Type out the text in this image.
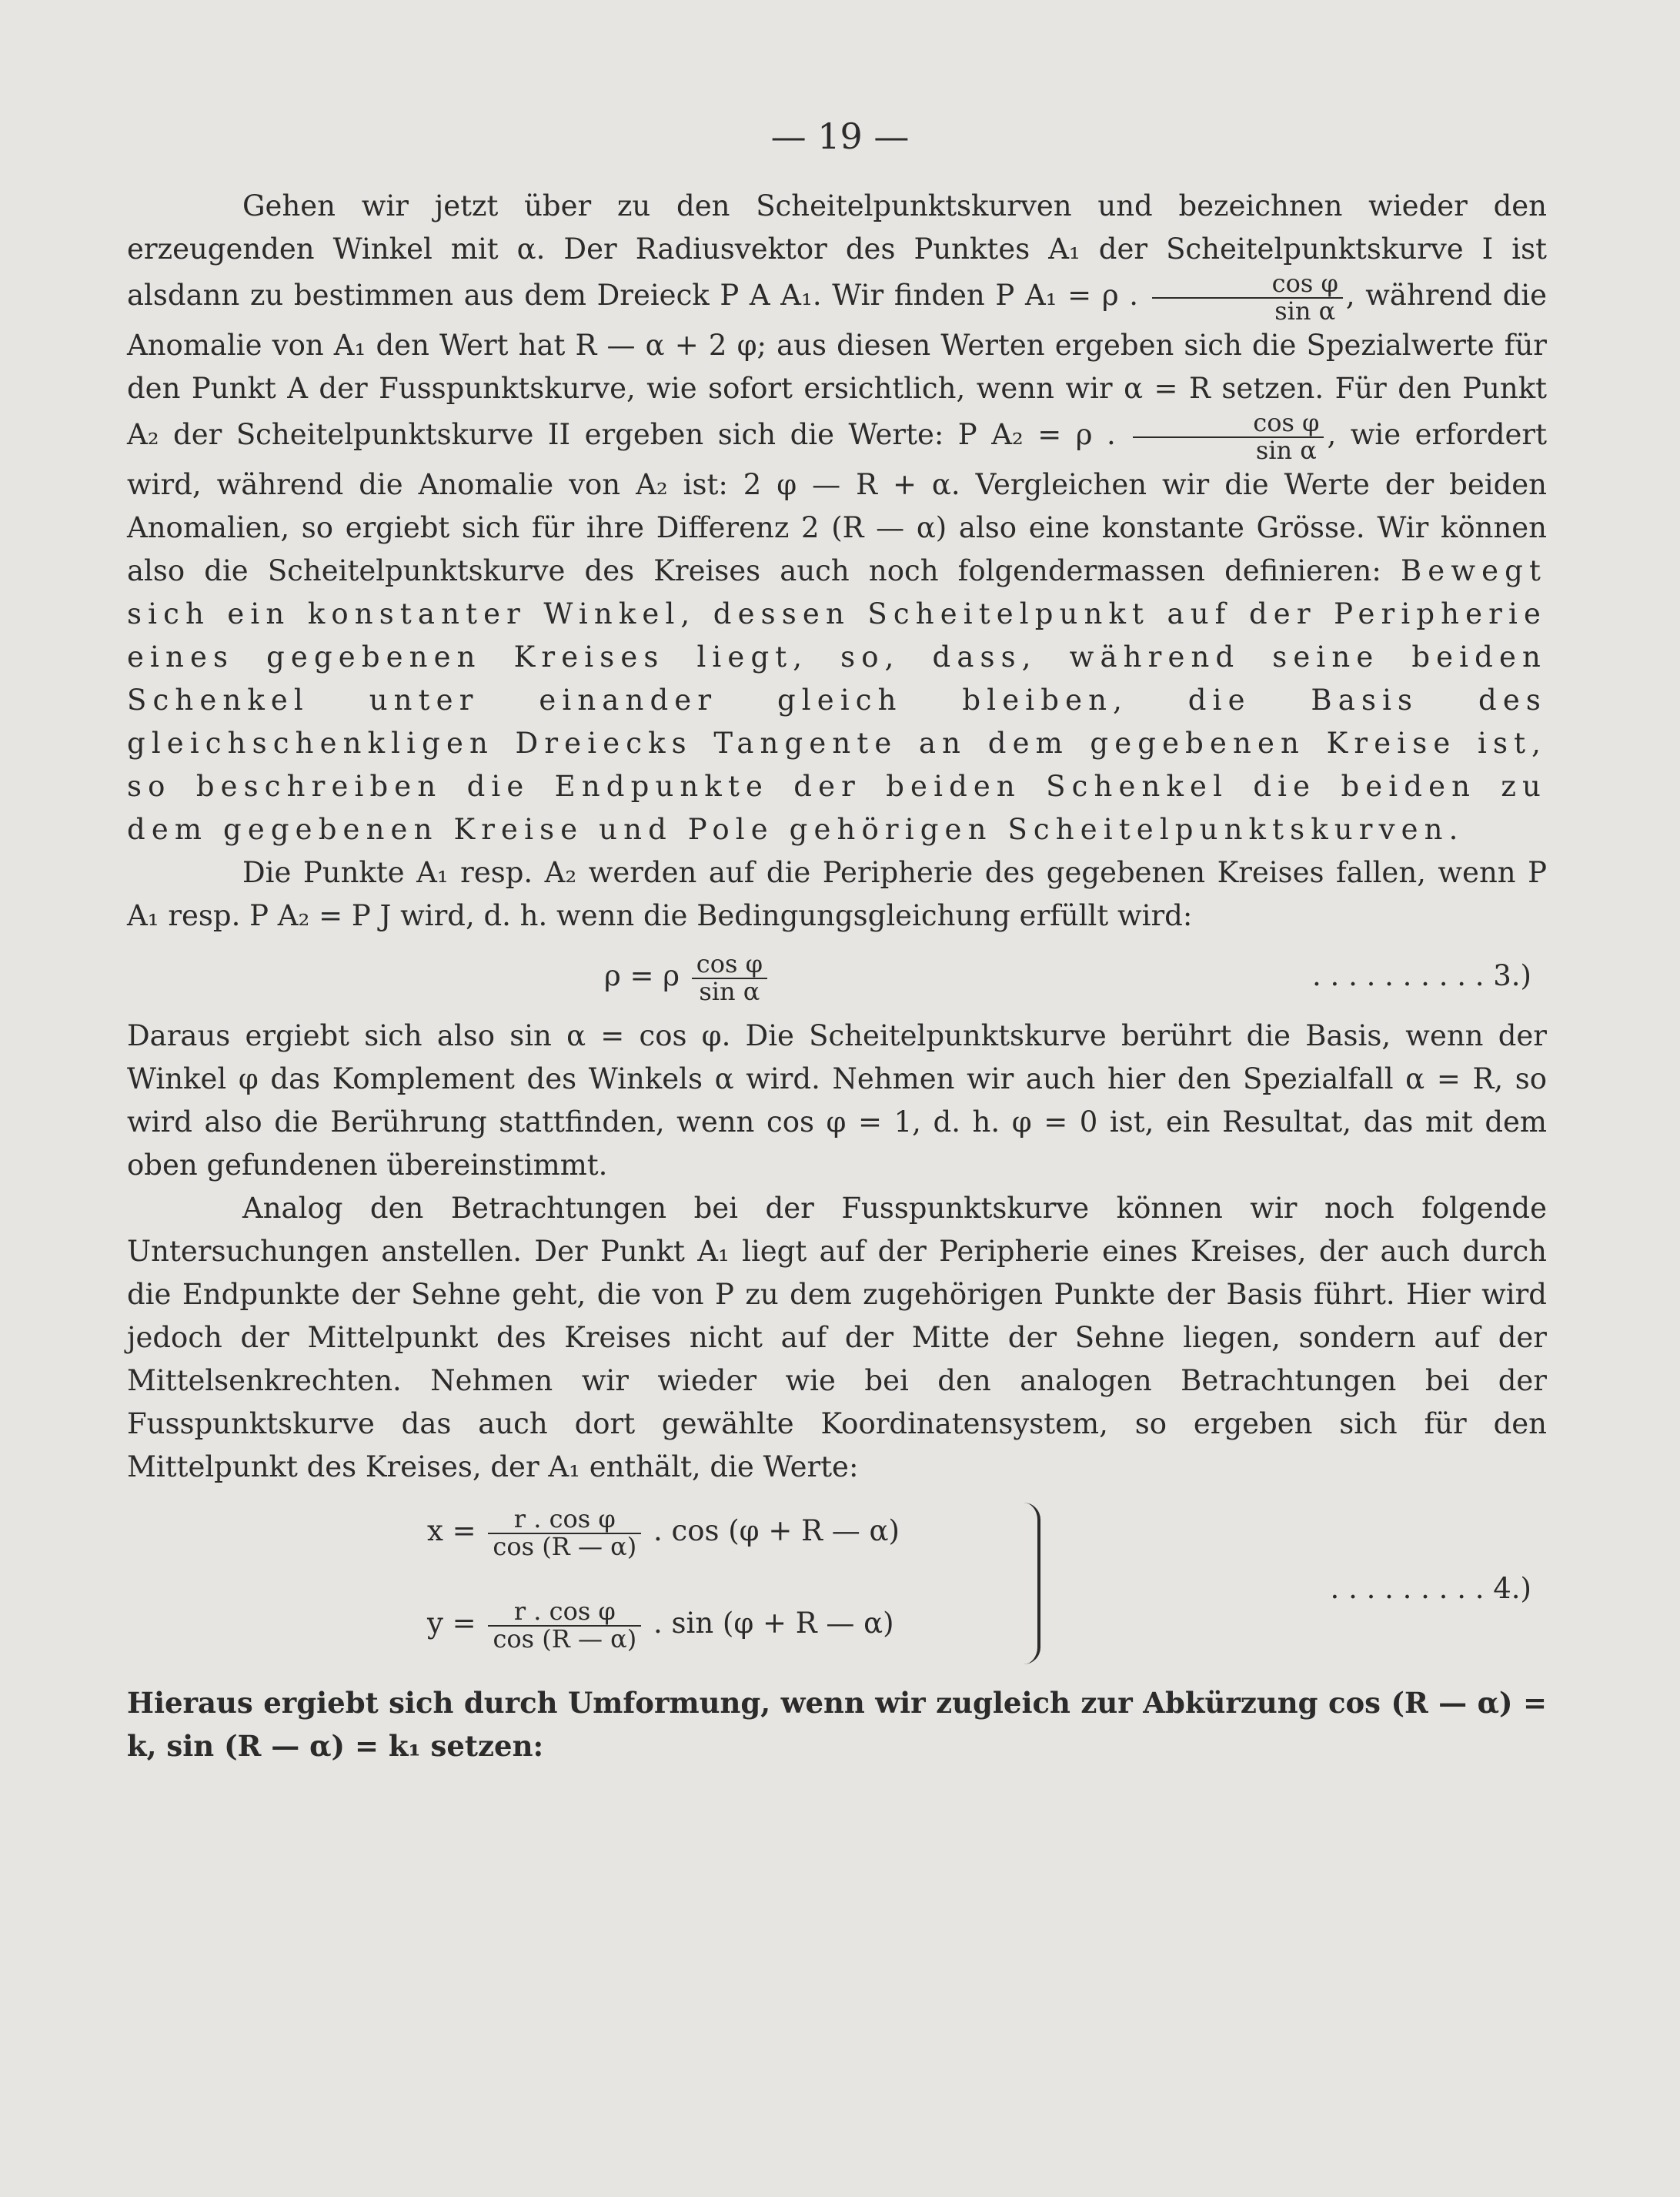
— 19 —

Gehen wir jetzt über zu den Scheitelpunktskurven und bezeichnen wieder den erzeugenden Winkel mit α. Der Radiusvektor des Punktes A₁ der Scheitelpunktskurve I ist alsdann zu bestimmen aus dem Dreieck P A A₁. Wir finden P A₁ = ρ . $\frac{\text{cos φ}}{\text{sin α}}$ , während die Anomalie von A₁ den Wert hat R — α + 2 φ; aus diesen Werten ergeben sich die Spezialwerte für den Punkt A der Fusspunktskurve, wie sofort ersichtlich, wenn wir α = R setzen. Für den Punkt A₂ der Scheitelpunktskurve II ergeben sich die Werte: P A₂ = ρ . $\frac{\text{cos φ}}{\text{sin α}}$ , wie erfordert wird, während die Anomalie von A₂ ist: 2 φ — R + α. Vergleichen wir die Werte der beiden Anomalien, so ergiebt sich für ihre Differenz 2 (R — α) also eine konstante Grösse. Wir können also die Scheitelpunktskurve des Kreises auch noch folgendermassen definieren: Bewegt sich ein konstanter Winkel, dessen Scheitelpunkt auf der Peripherie eines gegebenen Kreises liegt, so, dass, während seine beiden Schenkel unter einander gleich bleiben, die Basis des gleichschenkligen Dreiecks Tangente an dem gegebenen Kreise ist, so beschreiben die Endpunkte der beiden Schenkel die beiden zu dem gegebenen Kreise und Pole gehörigen Scheitelpunktskurven.

Die Punkte A₁ resp. A₂ werden auf die Peripherie des gegebenen Kreises fallen, wenn P A₁ resp. P A₂ = P J wird, d. h. wenn die Bedingungsgleichung erfüllt wird:

ρ = ρ $\frac{\text{cos φ}}{\text{sin α}}$	. . . . . . . . . . 3.)

Daraus ergiebt sich also sin α = cos φ. Die Scheitelpunktskurve berührt die Basis, wenn der Winkel φ das Komplement des Winkels α wird. Nehmen wir auch hier den Spezialfall α = R, so wird also die Berührung stattfinden, wenn cos φ = 1, d. h. φ = 0 ist, ein Resultat, das mit dem oben gefundenen übereinstimmt.

Analog den Betrachtungen bei der Fusspunktskurve können wir noch folgende Untersuchungen anstellen. Der Punkt A₁ liegt auf der Peripherie eines Kreises, der auch durch die Endpunkte der Sehne geht, die von P zu dem zugehörigen Punkte der Basis führt. Hier wird jedoch der Mittelpunkt des Kreises nicht auf der Mitte der Sehne liegen, sondern auf der Mittelsenkrechten. Nehmen wir wieder wie bei den analogen Betrachtungen bei der Fusspunktskurve das auch dort gewählte Koordinatensystem, so ergeben sich für den Mittelpunkt des Kreises, der A₁ enthält, die Werte:

$x = \frac{\text{r . cos φ}}{\cos (R — \alpha)}$ . cos (φ + R — α)
$y = \frac{\text{r . cos φ}}{\cos (R — \alpha)}$ . sin (φ + R — α)
. . . . . . . . . 4.)

Hieraus ergiebt sich durch Umformung, wenn wir zugleich zur Abkürzung cos (R — α) = k, sin (R — α) = k₁ setzen:
